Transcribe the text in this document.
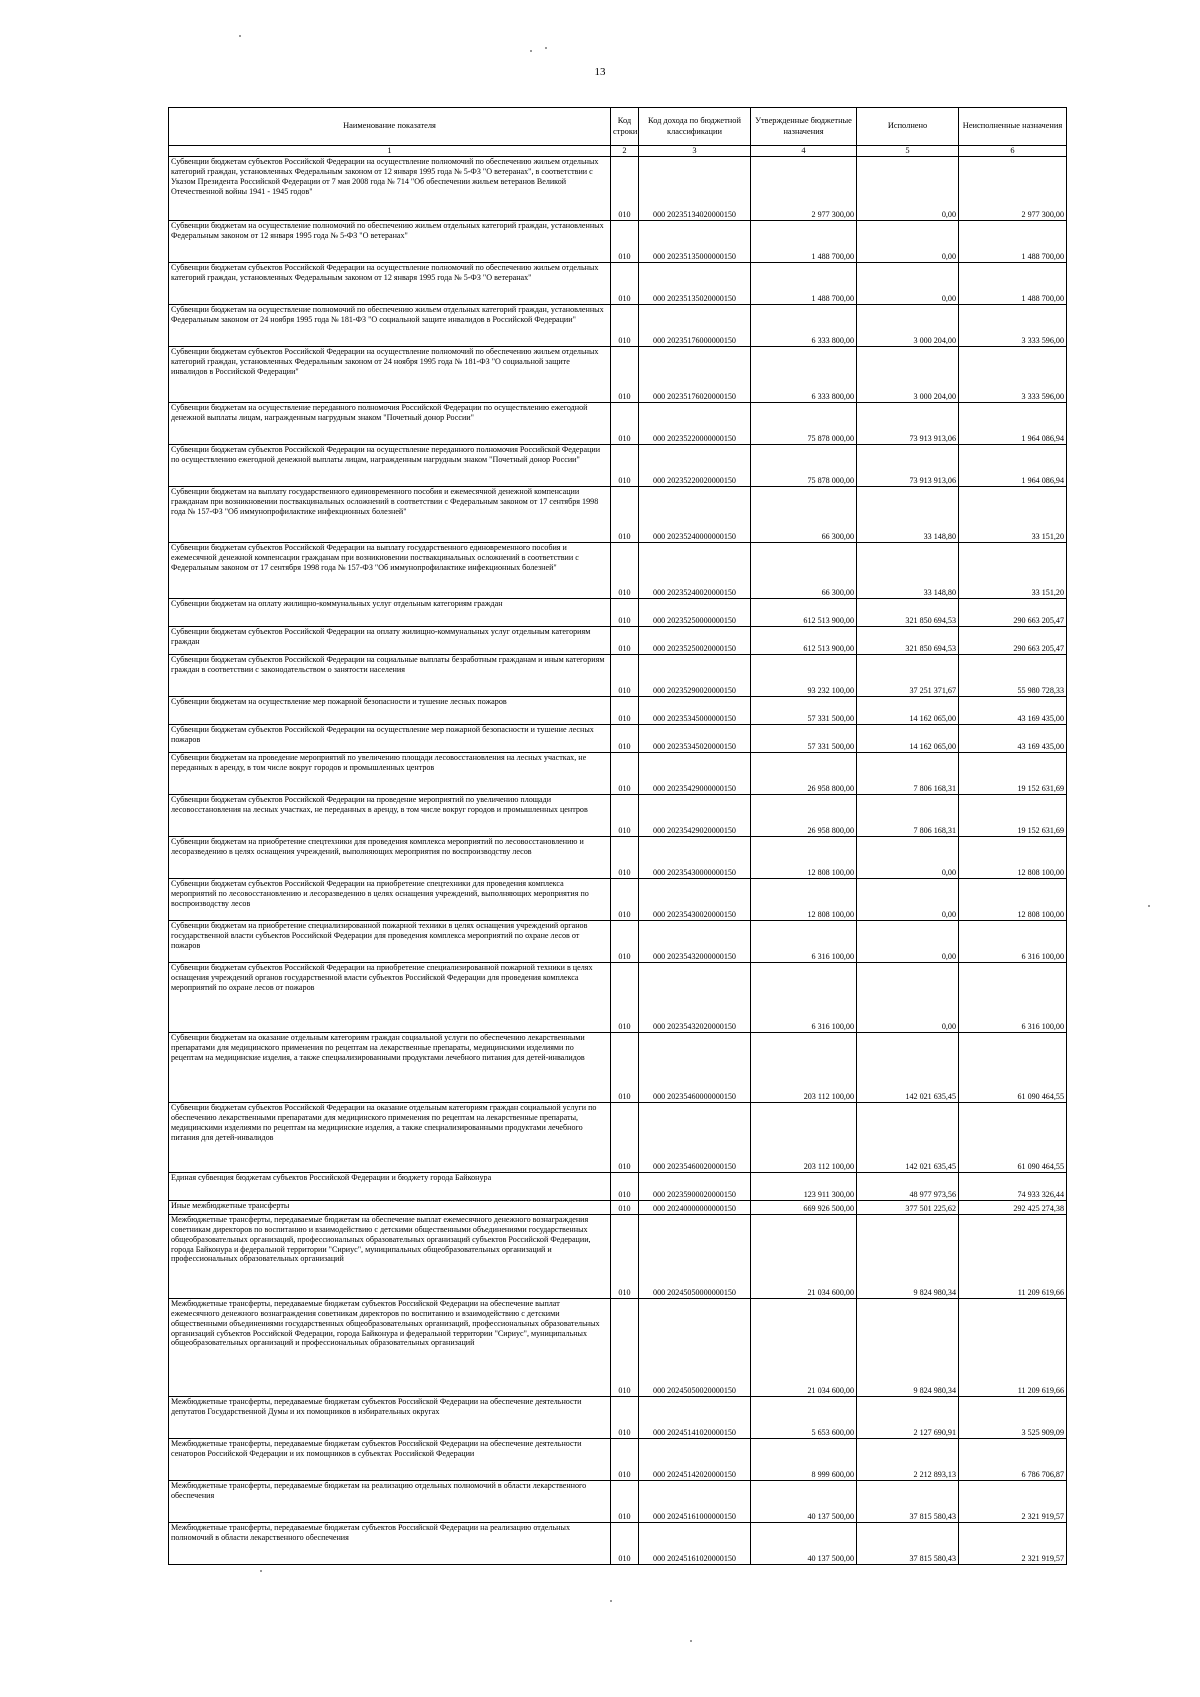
13
Наименование показателя	Код строки	Код дохода по бюджетной классификации	Утвержденные бюджетные назначения	Исполнено	Неисполненные назначения
1	2	3	4	5	6
Субвенции бюджетам субъектов Российской Федерации на осуществление полномочий по обеспечению жильем отдельных категорий граждан, установленных Федеральным законом от 12 января 1995 года № 5-ФЗ "О ветеранах", в соответствии с Указом Президента Российской Федерации от 7 мая 2008 года № 714 "Об обеспечении жильем ветеранов Великой Отечественной войны 1941 - 1945 годов"	010	000 20235134020000150	2 977 300,00	0,00	2 977 300,00
Субвенции бюджетам на осуществление полномочий по обеспечению жильем отдельных категорий граждан, установленных Федеральным законом от 12 января 1995 года № 5-ФЗ "О ветеранах"	010	000 20235135000000150	1 488 700,00	0,00	1 488 700,00
Субвенции бюджетам субъектов Российской Федерации на осуществление полномочий по обеспечению жильем отдельных категорий граждан, установленных Федеральным законом от 12 января 1995 года № 5-ФЗ "О ветеранах"	010	000 20235135020000150	1 488 700,00	0,00	1 488 700,00
Субвенции бюджетам на осуществление полномочий по обеспечению жильем отдельных категорий граждан, установленных Федеральным законом от 24 ноября 1995 года № 181-ФЗ "О социальной защите инвалидов в Российской Федерации"	010	000 20235176000000150	6 333 800,00	3 000 204,00	3 333 596,00
Субвенции бюджетам субъектов Российской Федерации на осуществление полномочий по обеспечению жильем отдельных категорий граждан, установленных Федеральным законом от 24 ноября 1995 года № 181-ФЗ "О социальной защите инвалидов в Российской Федерации"	010	000 20235176020000150	6 333 800,00	3 000 204,00	3 333 596,00
Субвенции бюджетам на осуществление переданного полномочия Российской Федерации по осуществлению ежегодной денежной выплаты лицам, награжденным нагрудным знаком "Почетный донор России"	010	000 20235220000000150	75 878 000,00	73 913 913,06	1 964 086,94
Субвенции бюджетам субъектов Российской Федерации на осуществление переданного полномочия Российской Федерации по осуществлению ежегодной денежной выплаты лицам, награжденным нагрудным знаком "Почетный донор России"	010	000 20235220020000150	75 878 000,00	73 913 913,06	1 964 086,94
Субвенции бюджетам на выплату государственного единовременного пособия и ежемесячной денежной компенсации гражданам при возникновении поствакцинальных осложнений в соответствии с Федеральным законом от 17 сентября 1998 года № 157-ФЗ "Об иммунопрофилактике инфекционных болезней"	010	000 20235240000000150	66 300,00	33 148,80	33 151,20
Субвенции бюджетам субъектов Российской Федерации на выплату государственного единовременного пособия и ежемесячной денежной компенсации гражданам при возникновении поствакцинальных осложнений в соответствии с Федеральным законом от 17 сентября 1998 года № 157-ФЗ "Об иммунопрофилактике инфекционных болезней"	010	000 20235240020000150	66 300,00	33 148,80	33 151,20
Субвенции бюджетам на оплату жилищно-коммунальных услуг отдельным категориям граждан	010	000 20235250000000150	612 513 900,00	321 850 694,53	290 663 205,47
Субвенции бюджетам субъектов Российской Федерации на оплату жилищно-коммунальных услуг отдельным категориям граждан	010	000 20235250020000150	612 513 900,00	321 850 694,53	290 663 205,47
Субвенции бюджетам субъектов Российской Федерации на социальные выплаты безработным гражданам и иным категориям граждан в соответствии с законодательством о занятости населения	010	000 20235290020000150	93 232 100,00	37 251 371,67	55 980 728,33
Субвенции бюджетам на осуществление мер пожарной безопасности и тушение лесных пожаров	010	000 20235345000000150	57 331 500,00	14 162 065,00	43 169 435,00
Субвенции бюджетам субъектов Российской Федерации на осуществление мер пожарной безопасности и тушение лесных пожаров	010	000 20235345020000150	57 331 500,00	14 162 065,00	43 169 435,00
Субвенции бюджетам на проведение мероприятий по увеличению площади лесовосстановления на лесных участках, не переданных в аренду, в том числе вокруг городов и промышленных центров	010	000 20235429000000150	26 958 800,00	7 806 168,31	19 152 631,69
Субвенции бюджетам субъектов Российской Федерации на проведение мероприятий по увеличению площади лесовосстановления на лесных участках, не переданных в аренду, в том числе вокруг городов и промышленных центров	010	000 20235429020000150	26 958 800,00	7 806 168,31	19 152 631,69
Субвенции бюджетам на приобретение спецтехники для проведения комплекса мероприятий по лесовосстановлению и лесоразведению в целях оснащения учреждений, выполняющих мероприятия по воспроизводству лесов	010	000 20235430000000150	12 808 100,00	0,00	12 808 100,00
Субвенции бюджетам субъектов Российской Федерации на приобретение спецтехники для проведения комплекса мероприятий по лесовосстановлению и лесоразведению в целях оснащения учреждений, выполняющих мероприятия по воспроизводству лесов	010	000 20235430020000150	12 808 100,00	0,00	12 808 100,00
Субвенции бюджетам на приобретение специализированной пожарной техники в целях оснащения учреждений органов государственной власти субъектов Российской Федерации для проведения комплекса мероприятий по охране лесов от пожаров	010	000 20235432000000150	6 316 100,00	0,00	6 316 100,00
Субвенции бюджетам субъектов Российской Федерации на приобретение специализированной пожарной техники в целях оснащения учреждений органов государственной власти субъектов Российской Федерации для проведения комплекса мероприятий по охране лесов от пожаров	010	000 20235432020000150	6 316 100,00	0,00	6 316 100,00
Субвенции бюджетам на оказание отдельным категориям граждан социальной услуги по обеспечению лекарственными препаратами для медицинского применения по рецептам на лекарственные препараты, медицинскими изделиями по рецептам на медицинские изделия, а также специализированными продуктами лечебного питания для детей-инвалидов	010	000 20235460000000150	203 112 100,00	142 021 635,45	61 090 464,55
Субвенции бюджетам субъектов Российской Федерации на оказание отдельным категориям граждан социальной услуги по обеспечению лекарственными препаратами для медицинского применения по рецептам на лекарственные препараты, медицинскими изделиями по рецептам на медицинские изделия, а также специализированными продуктами лечебного питания для детей-инвалидов	010	000 20235460020000150	203 112 100,00	142 021 635,45	61 090 464,55
Единая субвенция бюджетам субъектов Российской Федерации и бюджету города Байконура	010	000 20235900020000150	123 911 300,00	48 977 973,56	74 933 326,44
Иные межбюджетные трансферты	010	000 20240000000000150	669 926 500,00	377 501 225,62	292 425 274,38
Межбюджетные трансферты, передаваемые бюджетам на обеспечение выплат ежемесячного денежного вознаграждения советникам директоров по воспитанию и взаимодействию с детскими общественными объединениями государственных общеобразовательных организаций, профессиональных образовательных организаций субъектов Российской Федерации, города Байконура и федеральной территории "Сириус", муниципальных общеобразовательных организаций и профессиональных образовательных организаций	010	000 20245050000000150	21 034 600,00	9 824 980,34	11 209 619,66
Межбюджетные трансферты, передаваемые бюджетам субъектов Российской Федерации на обеспечение выплат ежемесячного денежного вознаграждения советникам директоров по воспитанию и взаимодействию с детскими общественными объединениями государственных общеобразовательных организаций, профессиональных образовательных организаций субъектов Российской Федерации, города Байконура и федеральной территории "Сириус", муниципальных общеобразовательных организаций и профессиональных образовательных организаций	010	000 20245050020000150	21 034 600,00	9 824 980,34	11 209 619,66
Межбюджетные трансферты, передаваемые бюджетам субъектов Российской Федерации на обеспечение деятельности депутатов Государственной Думы и их помощников в избирательных округах	010	000 20245141020000150	5 653 600,00	2 127 690,91	3 525 909,09
Межбюджетные трансферты, передаваемые бюджетам субъектов Российской Федерации на обеспечение деятельности сенаторов Российской Федерации и их помощников в субъектах Российской Федерации	010	000 20245142020000150	8 999 600,00	2 212 893,13	6 786 706,87
Межбюджетные трансферты, передаваемые бюджетам на реализацию отдельных полномочий в области лекарственного обеспечения	010	000 20245161000000150	40 137 500,00	37 815 580,43	2 321 919,57
Межбюджетные трансферты, передаваемые бюджетам субъектов Российской Федерации на реализацию отдельных полномочий в области лекарственного обеспечения	010	000 20245161020000150	40 137 500,00	37 815 580,43	2 321 919,57
